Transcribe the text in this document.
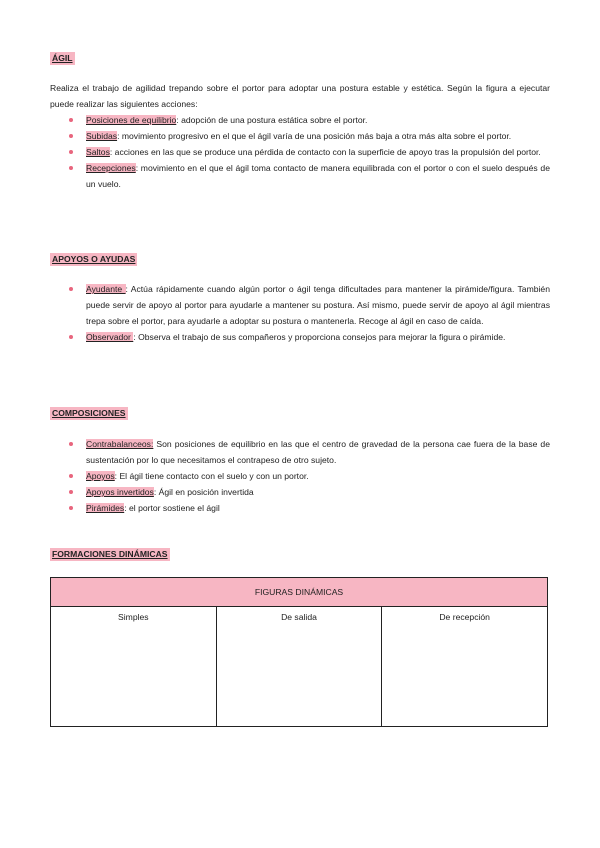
ÁGIL
Realiza el trabajo de agilidad trepando sobre el portor para adoptar una postura estable y estética. Según la figura a ejecutar puede realizar las siguientes acciones:
Posiciones de equilibrio: adopción de una postura estática sobre el portor.
Subidas: movimiento progresivo en el que el ágil varía de una posición más baja a otra más alta sobre el portor.
Saltos: acciones en las que se produce una pérdida de contacto con la superficie de apoyo tras la propulsión del portor.
Recepciones: movimiento en el que el ágil toma contacto de manera equilibrada con el portor o con el suelo después de un vuelo.
APOYOS O AYUDAS
Ayudante : Actúa rápidamente cuando algún portor o ágil tenga dificultades para mantener la pirámide/figura. También puede servir de apoyo al portor para ayudarle a mantener su postura. Así mismo, puede servir de apoyo al ágil mientras trepa sobre el portor, para ayudarle a adoptar su postura o mantenerla. Recoge al ágil en caso de caída.
Observador : Observa el trabajo de sus compañeros y proporciona consejos para mejorar la figura o pirámide.
COMPOSICIONES
Contrabalanceos: Son posiciones de equilibrio en las que el centro de gravedad de la persona cae fuera de la base de sustentación por lo que necesitamos el contrapeso de otro sujeto.
Apoyos: El ágil tiene contacto con el suelo y con un portor.
Apoyos invertidos: Ágil en posición invertida
Pirámides: el portor sostiene el ágil
FORMACIONES DINÁMICAS
FIGURAS DINÁMICAS
Simples	De salida	De recepción
